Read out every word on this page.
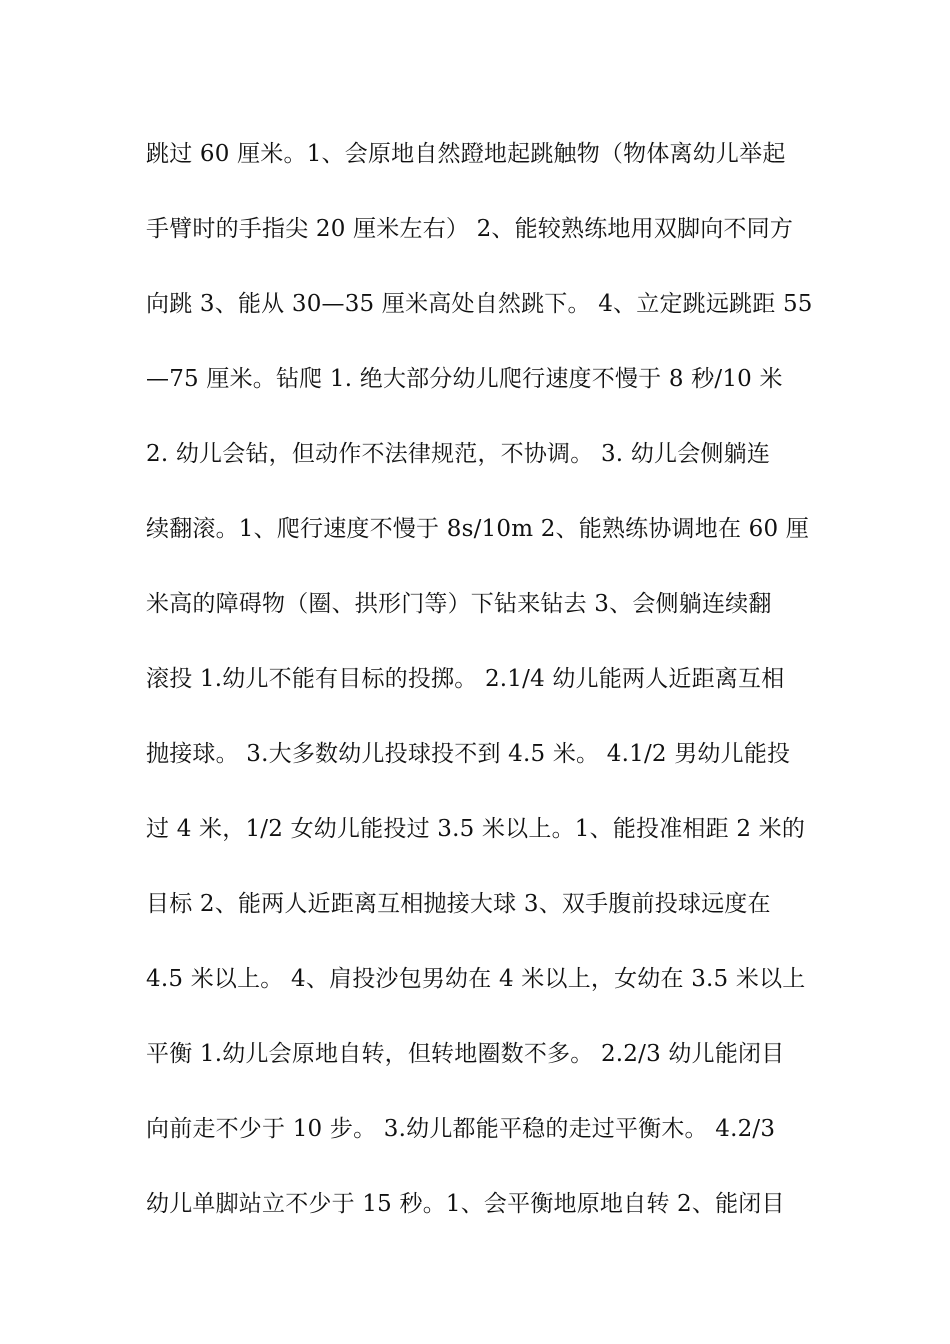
跳过 60 厘米。1、会原地自然蹬地起跳触物（物体离幼儿举起
手臂时的手指尖 20 厘米左右） 2、能较熟练地用双脚向不同方
向跳 3、能从 30—35 厘米高处自然跳下。 4、立定跳远跳距 55
—75 厘米。钻爬 1. 绝大部分幼儿爬行速度不慢于 8 秒/10 米
2. 幼儿会钻，但动作不法律规范，不协调。 3. 幼儿会侧躺连
续翻滚。1、爬行速度不慢于 8s/10m 2、能熟练协调地在 60 厘
米高的障碍物（圈、拱形门等）下钻来钻去 3、会侧躺连续翻
滚投 1.幼儿不能有目标的投掷。 2.1/4 幼儿能两人近距离互相
抛接球。 3.大多数幼儿投球投不到 4.5 米。 4.1/2 男幼儿能投
过 4 米，1/2 女幼儿能投过 3.5 米以上。1、能投准相距 2 米的
目标 2、能两人近距离互相抛接大球 3、双手腹前投球远度在
4.5 米以上。 4、肩投沙包男幼在 4 米以上，女幼在 3.5 米以上
平衡 1.幼儿会原地自转，但转地圈数不多。 2.2/3 幼儿能闭目
向前走不少于 10 步。 3.幼儿都能平稳的走过平衡木。 4.2/3
幼儿单脚站立不少于 15 秒。1、会平衡地原地自转 2、能闭目
